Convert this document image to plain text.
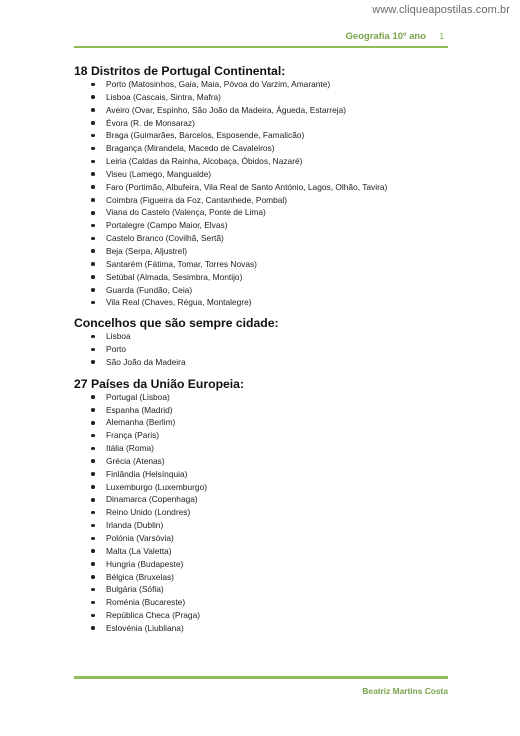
www.cliqueapostilas.com.br
Geografia 10º ano 1
18 Distritos de Portugal Continental:
Porto (Matosinhos, Gaia, Maia, Póvoa do Varzim, Amarante)
Lisboa (Cascais, Sintra, Mafra)
Aveiro (Ovar, Espinho, São João da Madeira, Águeda, Estarreja)
Évora (R. de Monsaraz)
Braga (Guimarães, Barcelos, Esposende, Famalicão)
Bragança (Mirandela, Macedo de Cavaleiros)
Leiria (Caldas da Rainha, Alcobaça, Óbidos, Nazaré)
Viseu (Lamego, Mangualde)
Faro (Portimão, Albufeira, Vila Real de Santo António, Lagos, Olhão, Tavira)
Coimbra (Figueira da Foz, Cantanhede, Pombal)
Viana do Castelo (Valença, Ponte de Lima)
Portalegre (Campo Maior, Elvas)
Castelo Branco (Covilhã, Sertã)
Beja (Serpa, Aljustrel)
Santarém (Fátima, Tomar, Torres Novas)
Setúbal (Almada, Sesimbra, Montijo)
Guarda (Fundão, Ceia)
Vila Real (Chaves, Régua, Montalegre)
Concelhos que são sempre cidade:
Lisboa
Porto
São João da Madeira
27 Países da União Europeia:
Portugal (Lisboa)
Espanha (Madrid)
Alemanha (Berlim)
França (Paris)
Itália (Roma)
Grécia (Atenas)
Finlândia (Helsínquia)
Luxemburgo (Luxemburgo)
Dinamarca (Copenhaga)
Reino Unido (Londres)
Irlanda (Dublin)
Polónia (Varsóvia)
Malta (La Valetta)
Hungria (Budapeste)
Bélgica (Bruxelas)
Bulgária (Sófia)
Roménia (Bucareste)
República Checa (Praga)
Eslovénia (Liubliana)
Beatriz Martins Costa
